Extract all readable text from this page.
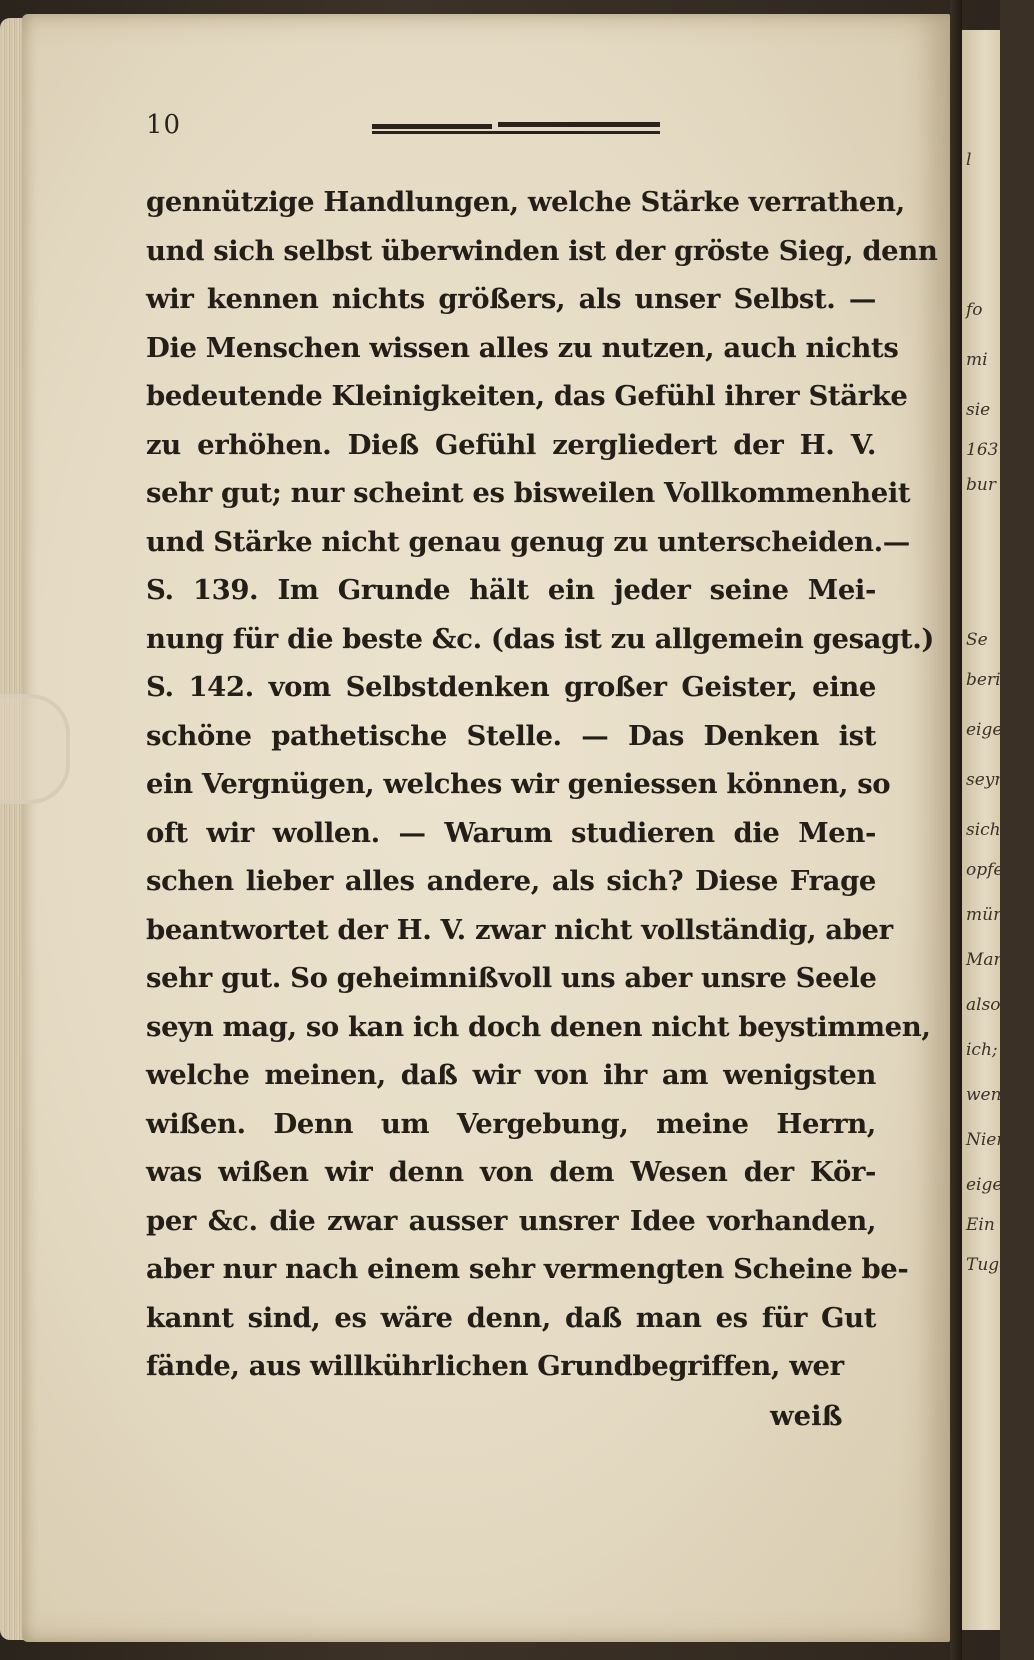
10
gennützige Handlungen, welche Stärke verrathen,
und sich selbst überwinden ist der gröste Sieg, denn
wir kennen nichts größers, als unser Selbst. —
Die Menschen wissen alles zu nutzen, auch nichts
bedeutende Kleinigkeiten, das Gefühl ihrer Stärke
zu erhöhen. Dieß Gefühl zergliedert der H. V.
sehr gut; nur scheint es bisweilen Vollkommenheit
und Stärke nicht genau genug zu unterscheiden.—
S. 139. Im Grunde hält ein jeder seine Mei-
nung für die beste &c. (das ist zu allgemein gesagt.)
S. 142. vom Selbstdenken großer Geister, eine
schöne pathetische Stelle. — Das Denken ist
ein Vergnügen, welches wir geniessen können, so
oft wir wollen. — Warum studieren die Men-
schen lieber alles andere, als sich? Diese Frage
beantwortet der H. V. zwar nicht vollständig, aber
sehr gut. So geheimnißvoll uns aber unsre Seele
seyn mag, so kan ich doch denen nicht beystimmen,
welche meinen, daß wir von ihr am wenigsten
wißen. Denn um Vergebung, meine Herrn,
was wißen wir denn von dem Wesen der Kör-
per &c. die zwar ausser unsrer Idee vorhanden,
aber nur nach einem sehr vermengten Scheine be-
kannt sind, es wäre denn, daß man es für Gut
fände, aus willkührlichen Grundbegriffen, wer
weiß
l
fo
mi
sie
163
bur
Se
beric
eigen
seyn
sich,
opfer
münf
Man
also d
ich;
wenn
Niem
eigenen
Ein ei
Tugen
